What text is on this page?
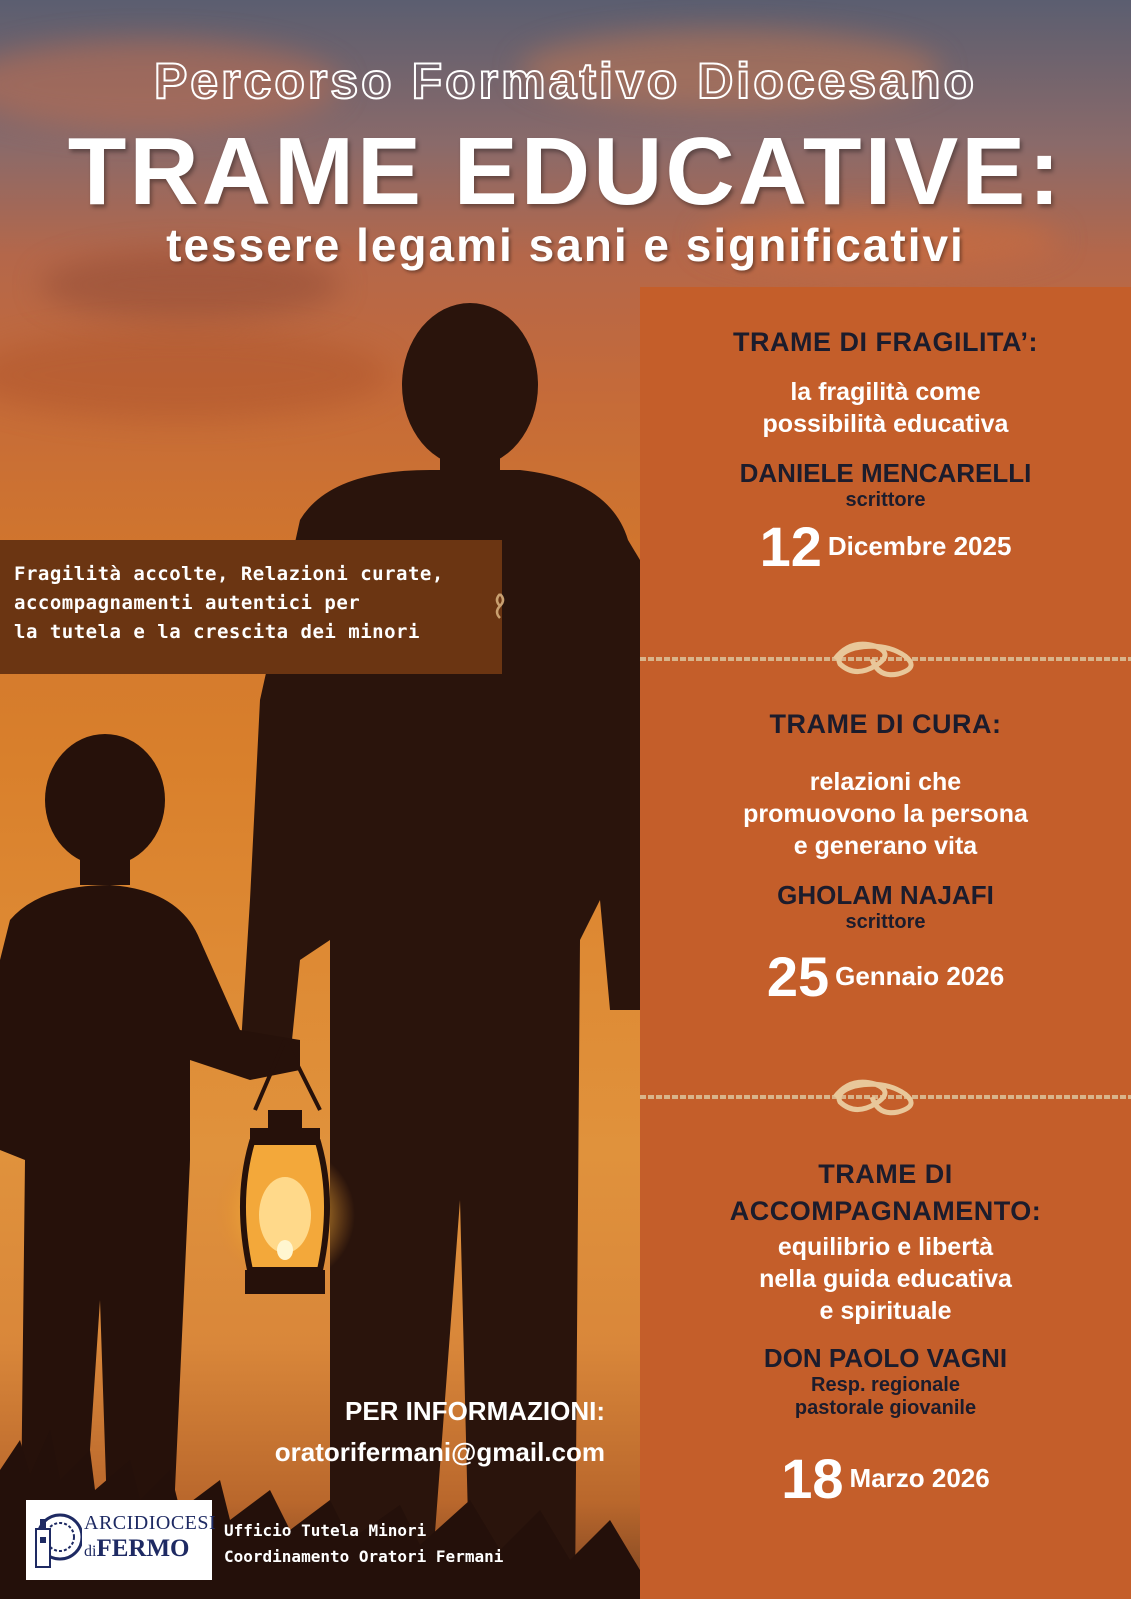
Percorso Formativo Diocesano
TRAME EDUCATIVE:
tessere legami sani e significativi
Fragilità accolte, Relazioni curate,
accompagnamenti autentici per
la tutela e la crescita dei minori
TRAME DI FRAGILITA’:
la fragilità come
possibilità educativa
DANIELE MENCARELLI
scrittore
12 Dicembre 2025
TRAME DI CURA:
relazioni che
promuovono la persona
e generano vita
GHOLAM NAJAFI
scrittore
25 Gennaio 2026
TRAME DI
ACCOMPAGNAMENTO:
equilibrio e libertà
nella guida educativa
e spirituale
DON PAOLO VAGNI
Resp. regionale
pastorale giovanile
18 Marzo 2026
PER INFORMAZIONI:
oratorifermani@gmail.com
ARCIDIOCESI
diFERMO
Ufficio Tutela Minori
Coordinamento Oratori Fermani
